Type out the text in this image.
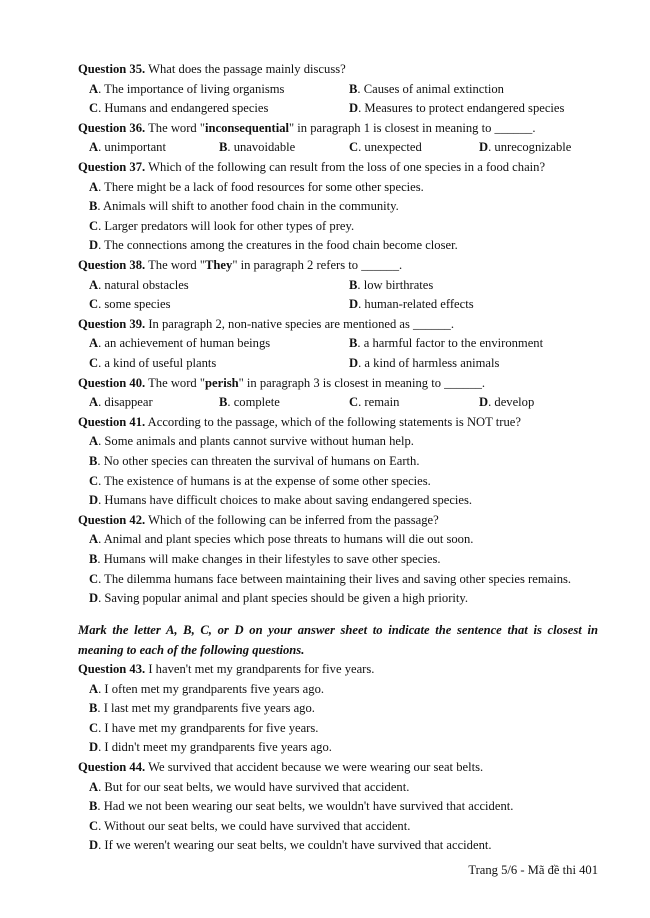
Question 35. What does the passage mainly discuss?
A. The importance of living organisms	B. Causes of animal extinction
C. Humans and endangered species	D. Measures to protect endangered species
Question 36. The word "inconsequential" in paragraph 1 is closest in meaning to ______.
A. unimportant	B. unavoidable	C. unexpected	D. unrecognizable
Question 37. Which of the following can result from the loss of one species in a food chain?
A. There might be a lack of food resources for some other species.
B. Animals will shift to another food chain in the community.
C. Larger predators will look for other types of prey.
D. The connections among the creatures in the food chain become closer.
Question 38. The word "They" in paragraph 2 refers to ______.
A. natural obstacles	B. low birthrates
C. some species	D. human-related effects
Question 39. In paragraph 2, non-native species are mentioned as ______.
A. an achievement of human beings	B. a harmful factor to the environment
C. a kind of useful plants	D. a kind of harmless animals
Question 40. The word "perish" in paragraph 3 is closest in meaning to ______.
A. disappear	B. complete	C. remain	D. develop
Question 41. According to the passage, which of the following statements is NOT true?
A. Some animals and plants cannot survive without human help.
B. No other species can threaten the survival of humans on Earth.
C. The existence of humans is at the expense of some other species.
D. Humans have difficult choices to make about saving endangered species.
Question 42. Which of the following can be inferred from the passage?
A. Animal and plant species which pose threats to humans will die out soon.
B. Humans will make changes in their lifestyles to save other species.
C. The dilemma humans face between maintaining their lives and saving other species remains.
D. Saving popular animal and plant species should be given a high priority.
Mark the letter A, B, C, or D on your answer sheet to indicate the sentence that is closest in meaning to each of the following questions.
Question 43. I haven't met my grandparents for five years.
A. I often met my grandparents five years ago.
B. I last met my grandparents five years ago.
C. I have met my grandparents for five years.
D. I didn't meet my grandparents five years ago.
Question 44. We survived that accident because we were wearing our seat belts.
A. But for our seat belts, we would have survived that accident.
B. Had we not been wearing our seat belts, we wouldn't have survived that accident.
C. Without our seat belts, we could have survived that accident.
D. If we weren't wearing our seat belts, we couldn't have survived that accident.
Trang 5/6 - Mã đề thi 401
